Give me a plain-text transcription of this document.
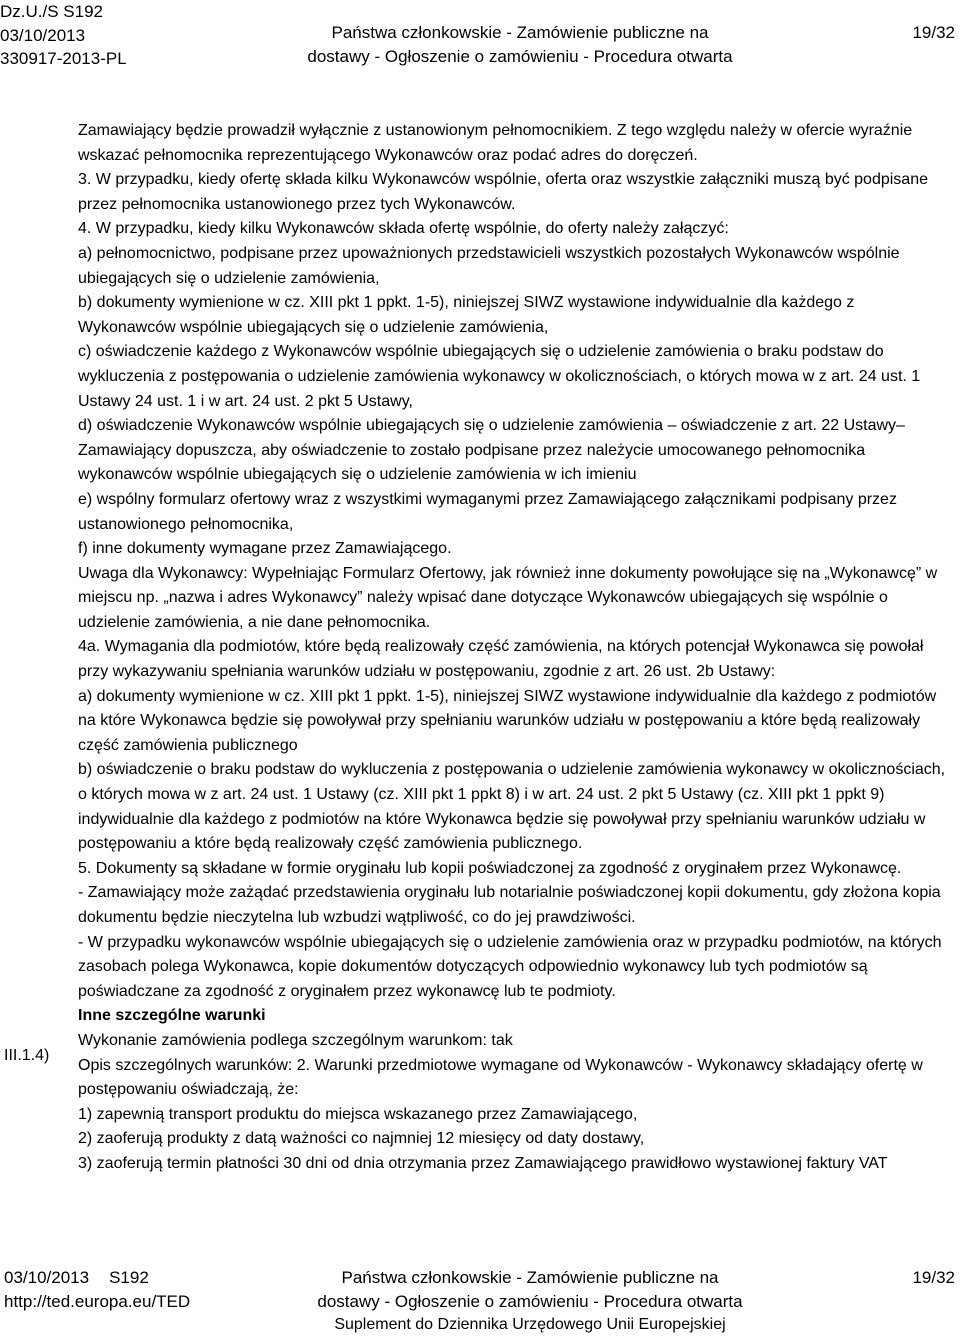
Dz.U./S S192
03/10/2013
330917-2013-PL
Państwa członkowskie - Zamówienie publiczne na
dostawy - Ogłoszenie o zamówieniu - Procedura otwarta
19/32
III.1.4)

Zamawiający będzie prowadził wyłącznie z ustanowionym pełnomocnikiem. Z tego względu należy w ofercie wyraźnie wskazać pełnomocnika reprezentującego Wykonawców oraz podać adres do doręczeń.

3. W przypadku, kiedy ofertę składa kilku Wykonawców wspólnie, oferta oraz wszystkie załączniki muszą być podpisane przez pełnomocnika ustanowionego przez tych Wykonawców.

4. W przypadku, kiedy kilku Wykonawców składa ofertę wspólnie, do oferty należy załączyć:

a) pełnomocnictwo, podpisane przez upoważnionych przedstawicieli wszystkich pozostałych Wykonawców wspólnie ubiegających się o udzielenie zamówienia,

b) dokumenty wymienione w cz. XIII pkt 1 ppkt. 1-5), niniejszej SIWZ wystawione indywidualnie dla każdego z Wykonawców wspólnie ubiegających się o udzielenie zamówienia,

c) oświadczenie każdego z Wykonawców wspólnie ubiegających się o udzielenie zamówienia o braku podstaw do wykluczenia z postępowania o udzielenie zamówienia wykonawcy w okolicznościach, o których mowa w z art. 24 ust. 1 Ustawy 24 ust. 1 i w art. 24 ust. 2 pkt 5 Ustawy,

d) oświadczenie Wykonawców wspólnie ubiegających się o udzielenie zamówienia – oświadczenie z art. 22 Ustawy– Zamawiający dopuszcza, aby oświadczenie to zostało podpisane przez należycie umocowanego pełnomocnika wykonawców wspólnie ubiegających się o udzielenie zamówienia w ich imieniu

e) wspólny formularz ofertowy wraz z wszystkimi wymaganymi przez Zamawiającego załącznikami podpisany przez ustanowionego pełnomocnika,

f) inne dokumenty wymagane przez Zamawiającego.

Uwaga dla Wykonawcy: Wypełniając Formularz Ofertowy, jak również inne dokumenty powołujące się na „Wykonawcę” w miejscu np. „nazwa i adres Wykonawcy” należy wpisać dane dotyczące Wykonawców ubiegających się wspólnie o udzielenie zamówienia, a nie dane pełnomocnika.

4a. Wymagania dla podmiotów, które będą realizowały część zamówienia, na których potencjał Wykonawca się powołał przy wykazywaniu spełniania warunków udziału w postępowaniu, zgodnie z art. 26 ust. 2b Ustawy:

a) dokumenty wymienione w cz. XIII pkt 1 ppkt. 1-5), niniejszej SIWZ wystawione indywidualnie dla każdego z podmiotów na które Wykonawca będzie się powoływał przy spełnianiu warunków udziału w postępowaniu a które będą realizowały część zamówienia publicznego

b) oświadczenie o braku podstaw do wykluczenia z postępowania o udzielenie zamówienia wykonawcy w okolicznościach, o których mowa w z art. 24 ust. 1 Ustawy (cz. XIII pkt 1 ppkt 8) i w art. 24 ust. 2 pkt 5 Ustawy (cz. XIII pkt 1 ppkt 9) indywidualnie dla każdego z podmiotów na które Wykonawca będzie się powoływał przy spełnianiu warunków udziału w postępowaniu a które będą realizowały część zamówienia publicznego.

5. Dokumenty są składane w formie oryginału lub kopii poświadczonej za zgodność z oryginałem przez Wykonawcę.

- Zamawiający może zażądać przedstawienia oryginału lub notarialnie poświadczonej kopii dokumentu, gdy złożona kopia dokumentu będzie nieczytelna lub wzbudzi wątpliwość, co do jej prawdziwości.

- W przypadku wykonawców wspólnie ubiegających się o udzielenie zamówienia oraz w przypadku podmiotów, na których zasobach polega Wykonawca, kopie dokumentów dotyczących odpowiednio wykonawcy lub tych podmiotów są poświadczane za zgodność z oryginałem przez wykonawcę lub te podmioty.

Inne szczególne warunki

Wykonanie zamówienia podlega szczególnym warunkom: tak

Opis szczególnych warunków: 2. Warunki przedmiotowe wymagane od Wykonawców - Wykonawcy składający ofertę w postępowaniu oświadczają, że:

1) zapewnią transport produktu do miejsca wskazanego przez Zamawiającego,

2) zaoferują produkty z datą ważności co najmniej 12 miesięcy od daty dostawy,

3) zaoferują termin płatności 30 dni od dnia otrzymania przez Zamawiającego prawidłowo wystawionej faktury VAT

03/10/2013 S192
http://ted.europa.eu/TED
Państwa członkowskie - Zamówienie publiczne na
dostawy - Ogłoszenie o zamówieniu - Procedura otwarta
Suplement do Dziennika Urzędowego Unii Europejskiej
19/32
